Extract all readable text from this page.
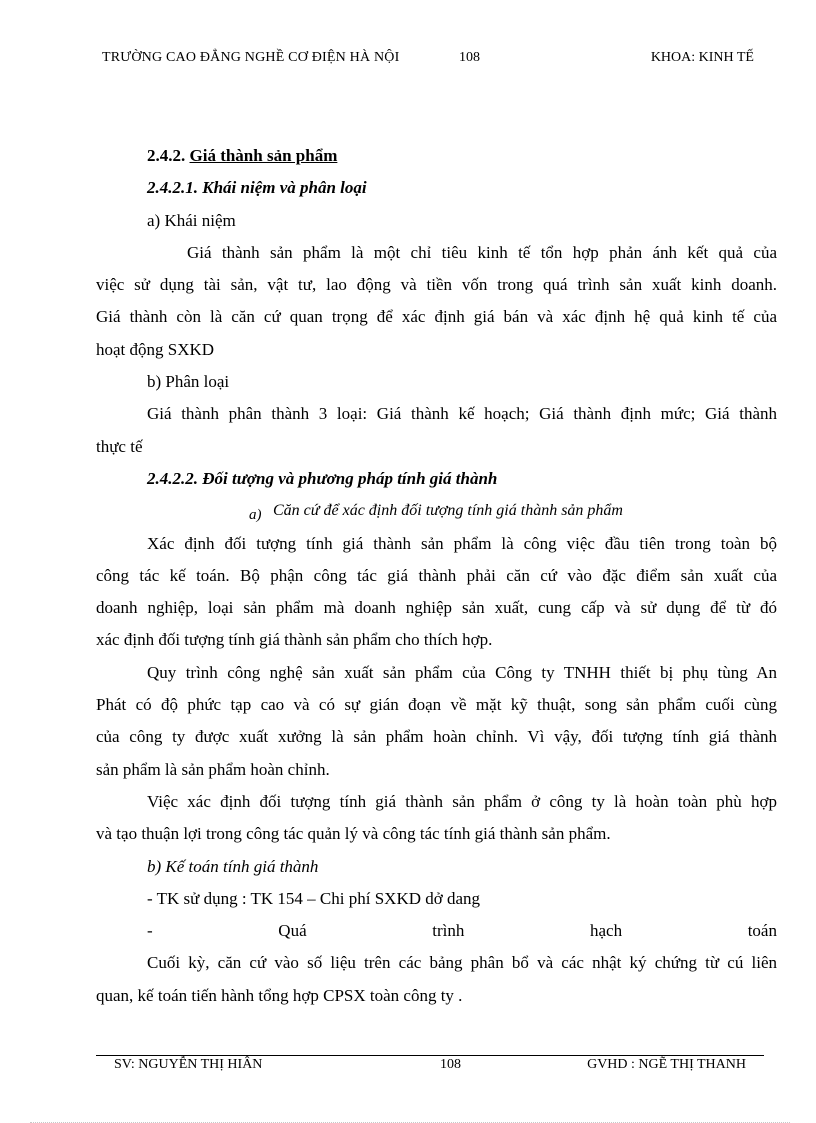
TRƯỜNG CAO ĐẲNG NGHỀ CƠ ĐIỆN HÀ NỘI	108	KHOA: KINH TẾ
2.4.2. Giá thành sản phẩm
2.4.2.1. Khái niệm và phân loại
a) Khái niệm
Giá thành sản phẩm là một chỉ tiêu kinh tế tổn hợp phản ánh kết quả của
việc sử dụng tài sản, vật tư, lao động và tiền vốn trong quá trình sản xuất kinh doanh.
Giá thành còn là căn cứ quan trọng để xác định giá bán và xác định hệ quả kinh tế của
hoạt động SXKD
b) Phân loại
Giá thành phân thành 3 loại: Giá thành kế hoạch; Giá thành định mức; Giá thành
thực tế
2.4.2.2. Đối tượng và phương pháp tính giá thành
a) Căn cứ để xác định đối tượng tính giá thành sản phẩm
Xác định đối tượng tính giá thành sản phẩm là công việc đầu tiên trong toàn bộ
công tác kế toán. Bộ phận công tác giá thành phải căn cứ vào đặc điểm sản xuất của
doanh nghiệp, loại sản phẩm mà doanh nghiệp sản xuất, cung cấp và sử dụng để từ đó
xác định đối tượng tính giá thành sản phẩm cho thích hợp.
Quy trình công nghệ sản xuất sản phẩm của Công ty TNHH thiết bị phụ tùng An
Phát có độ phức tạp cao và có sự gián đoạn về mặt kỹ thuật, song sản phẩm cuối cùng
của công ty được xuất xưởng là sản phẩm hoàn chỉnh. Vì vậy, đối tượng tính giá thành
sản phẩm là sản phẩm hoàn chỉnh.
Việc xác định đối tượng tính giá thành sản phẩm ở công ty là hoàn toàn phù hợp
và tạo thuận lợi trong công tác quản lý và công tác tính giá thành sản phẩm.
b) Kế toán tính giá thành
- TK sử dụng : TK 154 – Chi phí SXKD dở dang
-	Quá	trình	hạch	toán
Cuối kỳ, căn cứ vào số liệu trên các bảng phân bổ và các nhật ký chứng từ cú liên
quan, kế toán tiến hành tổng hợp CPSX toàn công ty .
SV: NGUYỄN THỊ HIÂN	108	GVHD : NGẼ THỊ THANH
